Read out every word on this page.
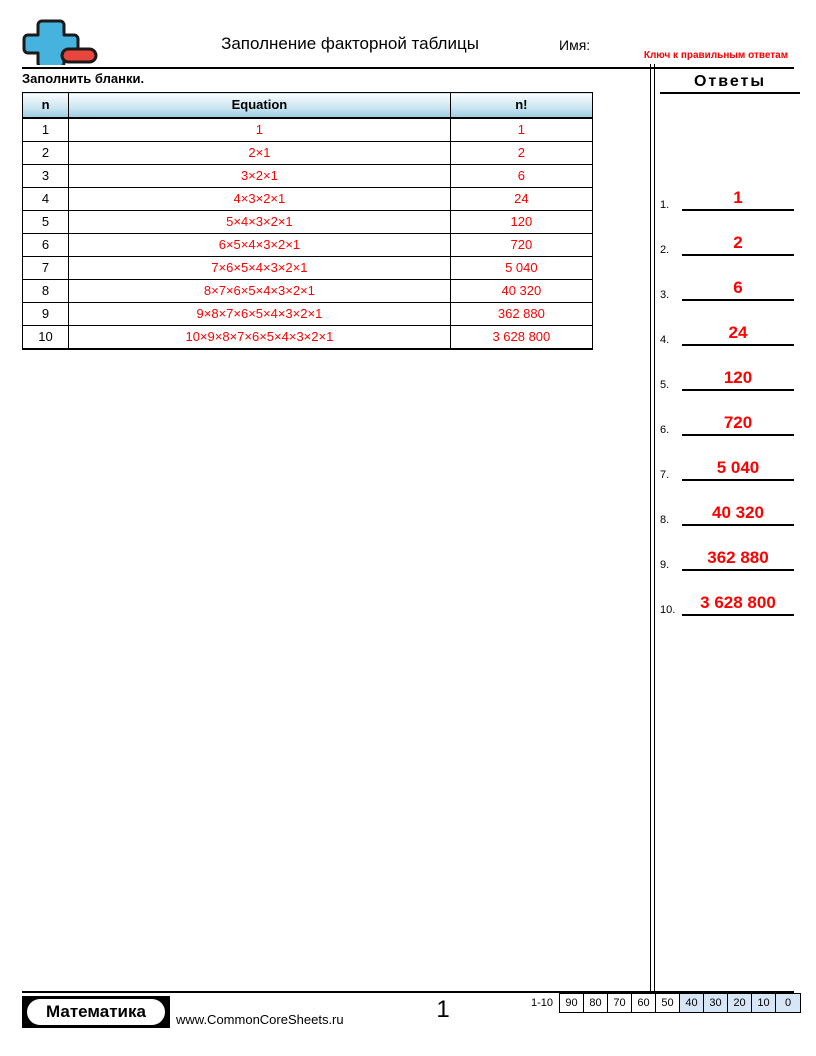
Заполнение факторной таблицы	Имя:
Ключ к правильным ответам
Заполнить бланки.
n	Equation	n!
1	1	1
2	2×1	2
3	3×2×1	6
4	4×3×2×1	24
5	5×4×3×2×1	120
6	6×5×4×3×2×1	720
7	7×6×5×4×3×2×1	5 040
8	8×7×6×5×4×3×2×1	40 320
9	9×8×7×6×5×4×3×2×1	362 880
10	10×9×8×7×6×5×4×3×2×1	3 628 800
Ответы
1.	1
2.	2
3.	6
4.	24
5.	120
6.	720
7.	5 040
8.	40 320
9.	362 880
10.	3 628 800
Математика www.CommonCoreSheets.ru	1	1-10	90	80	70	60	50	40	30	20	10	0
